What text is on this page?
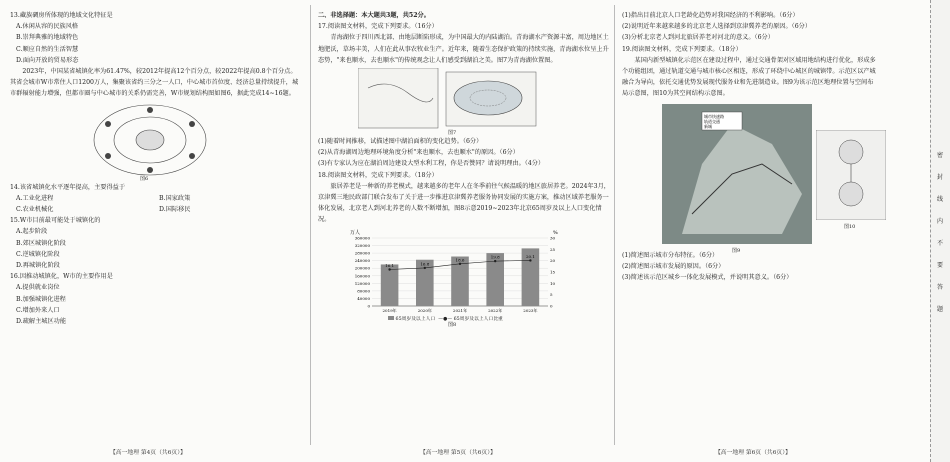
13.藏族碉房所体现的地域文化特征是

A.休闲从容的民族风格
B.崇拜典雅的地域特色
C.顺应自然的生活智慧
D.面向开放的贸易形态

2023年，中国某省城镇化率为61.47%，较2012年提高12个百分点，较2022年提高0.8个百分点。其省会城市W市常住人口1200万人，集聚该省约三分之一人口，中心城市首位度、经济总量持续提升，城市群辐射能力增强，但都市圈与中心城市的关系仍需完善，W市规划结构图如图6，据此完成14~16题。

图6

14.该省城镇化水平逐年提高，主要得益于

A.工业化进程	B.国家政策
C.农业机械化	D.国际移民

15.W市目前最可能处于城镇化的

A.起步阶段
B.郊区城镇化阶段
C.逆城镇化阶段
D.再城镇化阶段

16.因推动城镇化，W市的主要作用是

A.提供就业岗位
B.加强城镇化进程
C.增加外来人口
D.疏解主城区功能
【高一地理 第4页（共6页）】

二、非选择题：本大题共3题，共52分。

17.阅读图文材料，完成下列要求。（16分）

青海湖位于四川西北部、由地层断陷形成，为中国最大的内陆湖泊。青海湖水产资源丰富，周边地区土地肥沃，草场丰美，人们在此从事农牧业生产。近年来，随着生态保护政策的持续实施，青海湖水位呈上升态势，"来也顺水，去也顺水"的传统观念让人们感受到湖泊之美。图7为青海湖位置图。

图7
(1)随着时间推移，试描述图中湖泊面积的变化趋势。（6分）
(2)从青海湖周边地理环境角度分析"来也顺水，去也顺水"的原因。（6分）
(3)有专家认为应在湖泊周边建设大型水利工程，你是否赞同？请说明理由。（4分）

18.阅读图文材料，完成下列要求。（18分）

旅居养老是一种新的养老模式，越来越多的老年人在冬季前往气候温暖的地区旅居养老。2024年3月，京津冀三地民政部门联合发布了关于进一步推进京津冀养老服务协同发展的实施方案，推动区域养老服务一体化发展，北京老人到河北养老的人数不断增加，图8示意2019~2023年北京65周岁及以上人口变化情况。

万人	%
0
40000
80000
120000
160000
200000
240000
280000
320000
360000
0
5
10
15
20
25
30
2019年
16.1
2020年
16.8
2021年
18.6
2022年
19.8
2023年
20.1
65周岁及以上人口  —●— 65周岁及以上人口比重
图8
【高一地理 第5页（共6页）】
(1)指出目前北京人口老龄化趋势对我国经济的不利影响。（6分）
(2)说明近年来越来越多的北京老人选择到京津冀养老的原因。（6分）
(3)分析北京老人到河北旅居养老对河北的意义。（6分）

19.阅读图文材料，完成下列要求。（18分）

某国内新型城镇化示范区在建设过程中，通过交通骨架对区域用地结构进行优化，形成多个功能组团，通过轨道交通与城市核心区相连，形成了环绕中心城区的城镇带。示范区以产城融合为导向，依托交通优势发展现代服务业和先进制造业。图9为该示范区地理位置与空间布局示意图，图10为其空间结构示意图。

城市快速路
轨道交通
新城
图9
图10
(1)简述图示城市分布特征。（6分）
(2)简述图示城市发展的原因。（6分）
(3)简述该示范区城乡一体化发展模式，并说明其意义。（6分）
【高一地理 第6页（共6页）】
密
封
线
内
不
要
答
题
